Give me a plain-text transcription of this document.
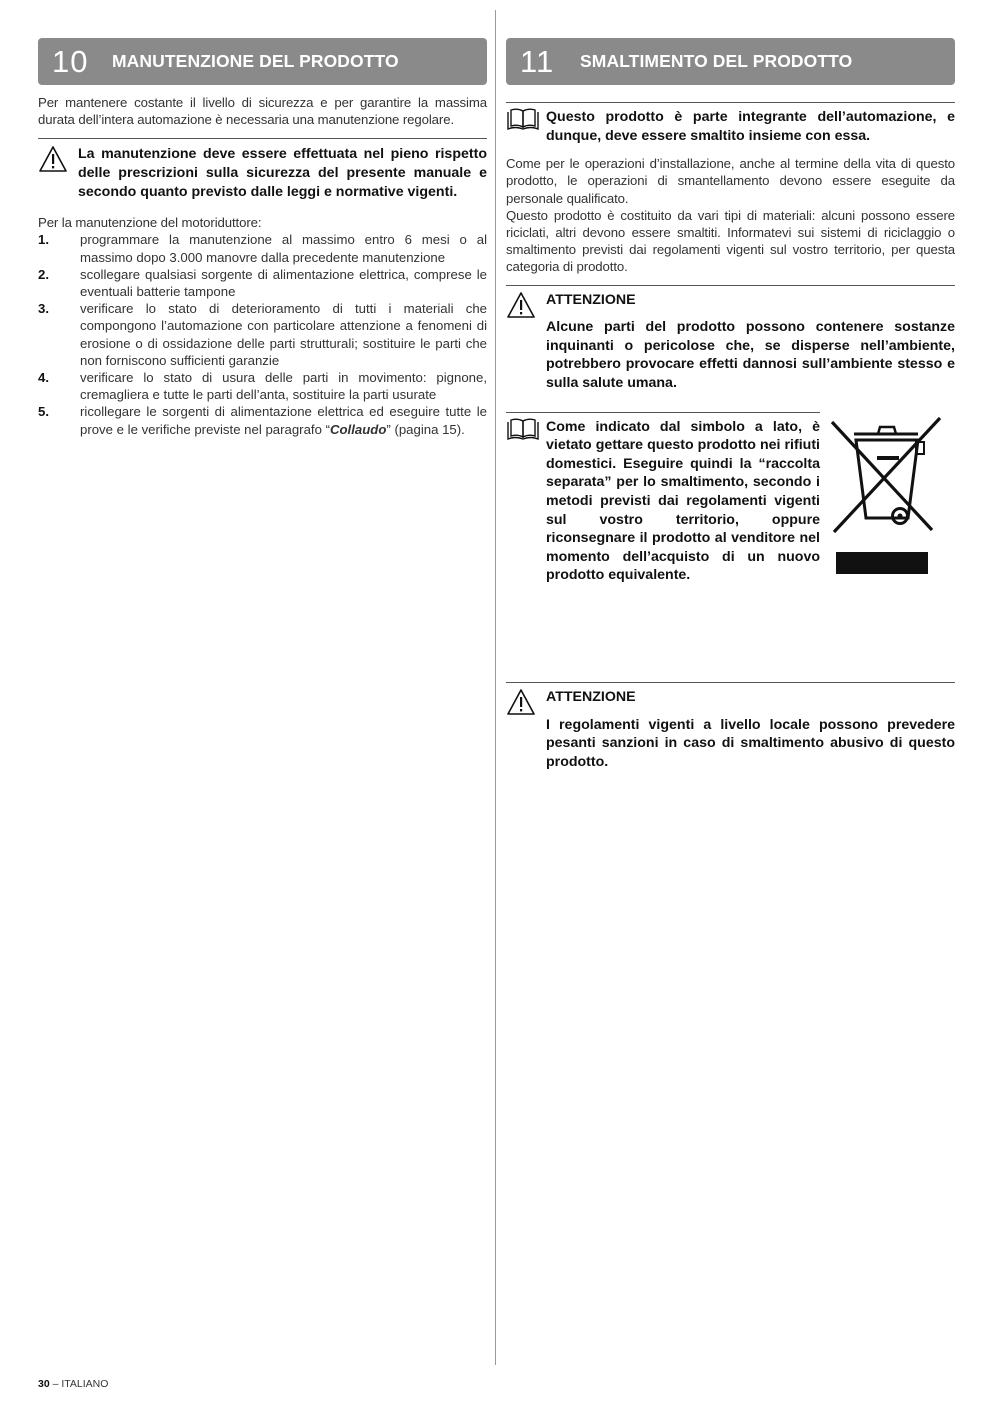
10	MANUTENZIONE DEL PRODOTTO

Per mantenere costante il livello di sicurezza e per garantire la massima durata dell’intera automazione è necessaria una manutenzione regolare.

La manutenzione deve essere effettuata nel pieno rispetto delle prescrizioni sulla sicurezza del presente manuale e secondo quanto previsto dalle leggi e normative vigenti.

Per la manutenzione del motoriduttore:

1.	programmare la manutenzione al massimo entro 6 mesi o al massimo dopo 3.000 manovre dalla precedente manutenzione
2.	scollegare qualsiasi sorgente di alimentazione elettrica, comprese le eventuali batterie tampone
3.	verificare lo stato di deterioramento di tutti i materiali che compongono l’automazione con particolare attenzione a fenomeni di erosione o di ossidazione delle parti strutturali; sostituire le parti che non forniscono sufficienti garanzie
4.	verificare lo stato di usura delle parti in movimento: pignone, cremagliera e tutte le parti dell’anta, sostituire la parti usurate
5.	ricollegare le sorgenti di alimentazione elettrica ed eseguire tutte le prove e le verifiche previste nel paragrafo “Collaudo” (pagina 15).
11	SMALTIMENTO DEL PRODOTTO

Questo prodotto è parte integrante dell’automazione, e dunque, deve essere smaltito insieme con essa.

Come per le operazioni d’installazione, anche al termine della vita di questo prodotto, le operazioni di smantellamento devono essere eseguite da personale qualificato.

Questo prodotto è costituito da vari tipi di materiali: alcuni possono essere riciclati, altri devono essere smaltiti. Informatevi sui sistemi di riciclaggio o smaltimento previsti dai regolamenti vigenti sul vostro territorio, per questa categoria di prodotto.

ATTENZIONE

Alcune parti del prodotto possono contenere sostanze inquinanti o pericolose che, se disperse nell’ambiente, potrebbero provocare effetti dannosi sull’ambiente stesso e sulla salute umana.

Come indicato dal simbolo a lato, è vietato gettare questo prodotto nei rifiuti domestici. Eseguire quindi la “raccolta separata” per lo smaltimento, secondo i metodi previsti dai regolamenti vigenti sul vostro territorio, oppure riconsegnare il prodotto al venditore nel momento dell’acquisto di un nuovo prodotto equivalente.

ATTENZIONE

I regolamenti vigenti a livello locale possono prevedere pesanti sanzioni in caso di smaltimento abusivo di questo prodotto.

30 – ITALIANO
